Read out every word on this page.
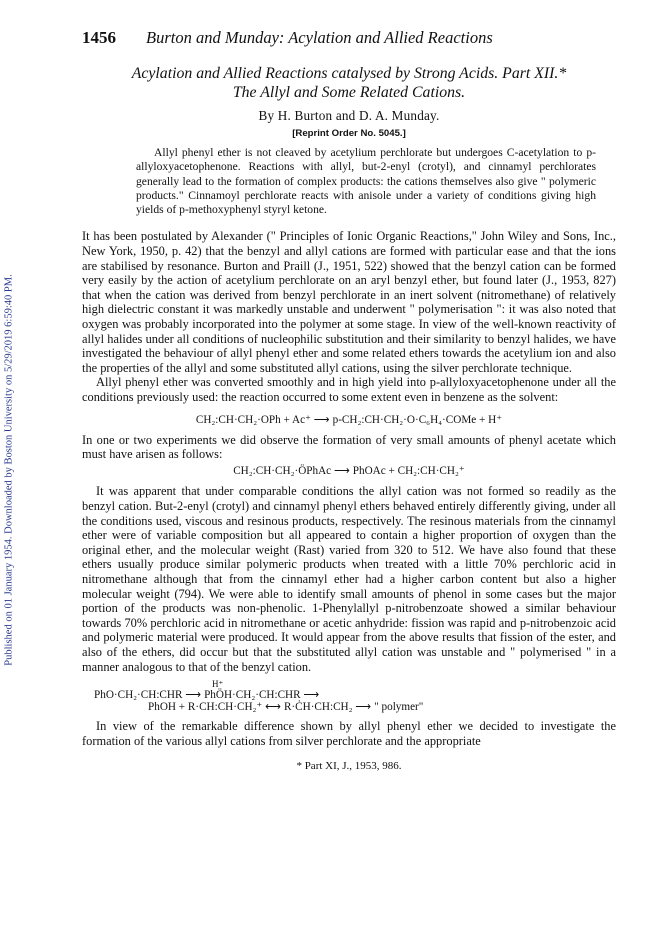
Published on 01 January 1954. Downloaded by Boston University on 5/29/2019 6:59:40 PM.
1456 Burton and Munday: Acylation and Allied Reactions
Acylation and Allied Reactions catalysed by Strong Acids. Part XII.*
The Allyl and Some Related Cations.
By H. Burton and D. A. Munday.
[Reprint Order No. 5045.]

Allyl phenyl ether is not cleaved by acetylium perchlorate but undergoes C-acetylation to p-allyloxyacetophenone. Reactions with allyl, but-2-enyl (crotyl), and cinnamyl perchlorates generally lead to the formation of complex products: the cations themselves also give " polymeric products." Cinnamoyl perchlorate reacts with anisole under a variety of conditions giving high yields of p-methoxyphenyl styryl ketone.

It has been postulated by Alexander (" Principles of Ionic Organic Reactions," John Wiley and Sons, Inc., New York, 1950, p. 42) that the benzyl and allyl cations are formed with particular ease and that the ions are stabilised by resonance. Burton and Praill (J., 1951, 522) showed that the benzyl cation can be formed very easily by the action of acetylium perchlorate on an aryl benzyl ether, but found later (J., 1953, 827) that when the cation was derived from benzyl perchlorate in an inert solvent (nitromethane) of relatively high dielectric constant it was markedly unstable and underwent " polymerisation ": it was also noted that oxygen was probably incorporated into the polymer at some stage. In view of the well-known reactivity of allyl halides under all conditions of nucleophilic substitution and their similarity to benzyl halides, we have investigated the behaviour of allyl phenyl ether and some related ethers towards the acetylium ion and also the properties of the allyl and some substituted allyl cations, using the silver perchlorate technique.

Allyl phenyl ether was converted smoothly and in high yield into p-allyloxyacetophenone under all the conditions previously used: the reaction occurred to some extent even in benzene as the solvent:

CH₂:CH·CH₂·OPh + Ac⁺ ⟶ p-CH₂:CH·CH₂·O·C₆H₄·COMe + H⁺

In one or two experiments we did observe the formation of very small amounts of phenyl acetate which must have arisen as follows:

CH₂:CH·CH₂·ÖPhAc ⟶ PhOAc + CH₂:CH·CH₂⁺

It was apparent that under comparable conditions the allyl cation was not formed so readily as the benzyl cation. But-2-enyl (crotyl) and cinnamyl phenyl ethers behaved entirely differently giving, under all the conditions used, viscous and resinous products, respectively. The resinous materials from the cinnamyl ether were of variable composition but all appeared to contain a higher proportion of oxygen than the original ether, and the molecular weight (Rast) varied from 320 to 512. We have also found that these ethers usually produce similar polymeric products when treated with a little 70% perchloric acid in nitromethane although that from the cinnamyl ether had a higher carbon content but also a higher molecular weight (794). We were able to identify small amounts of phenol in some cases but the major portion of the products was non-phenolic. 1-Phenylallyl p-nitrobenzoate showed a similar behaviour towards 70% perchloric acid in nitromethane or acetic anhydride: fission was rapid and p-nitrobenzoic acid and polymeric material were produced. It would appear from the above results that fission of the ester, and also of the ethers, did occur but that the substituted allyl cation was unstable and " polymerised " in a manner analogous to that of the benzyl cation.

H⁺
PhO·CH₂·CH:CHR ⟶ PhÖH·CH₂·CH:CHR ⟶
PhOH + R·CH:CH·CH₂⁺ ⟷ R·ĊH·CH:CH₂ ⟶ " polymer"

In view of the remarkable difference shown by allyl phenyl ether we decided to investigate the formation of the various allyl cations from silver perchlorate and the appropriate

* Part XI, J., 1953, 986.
